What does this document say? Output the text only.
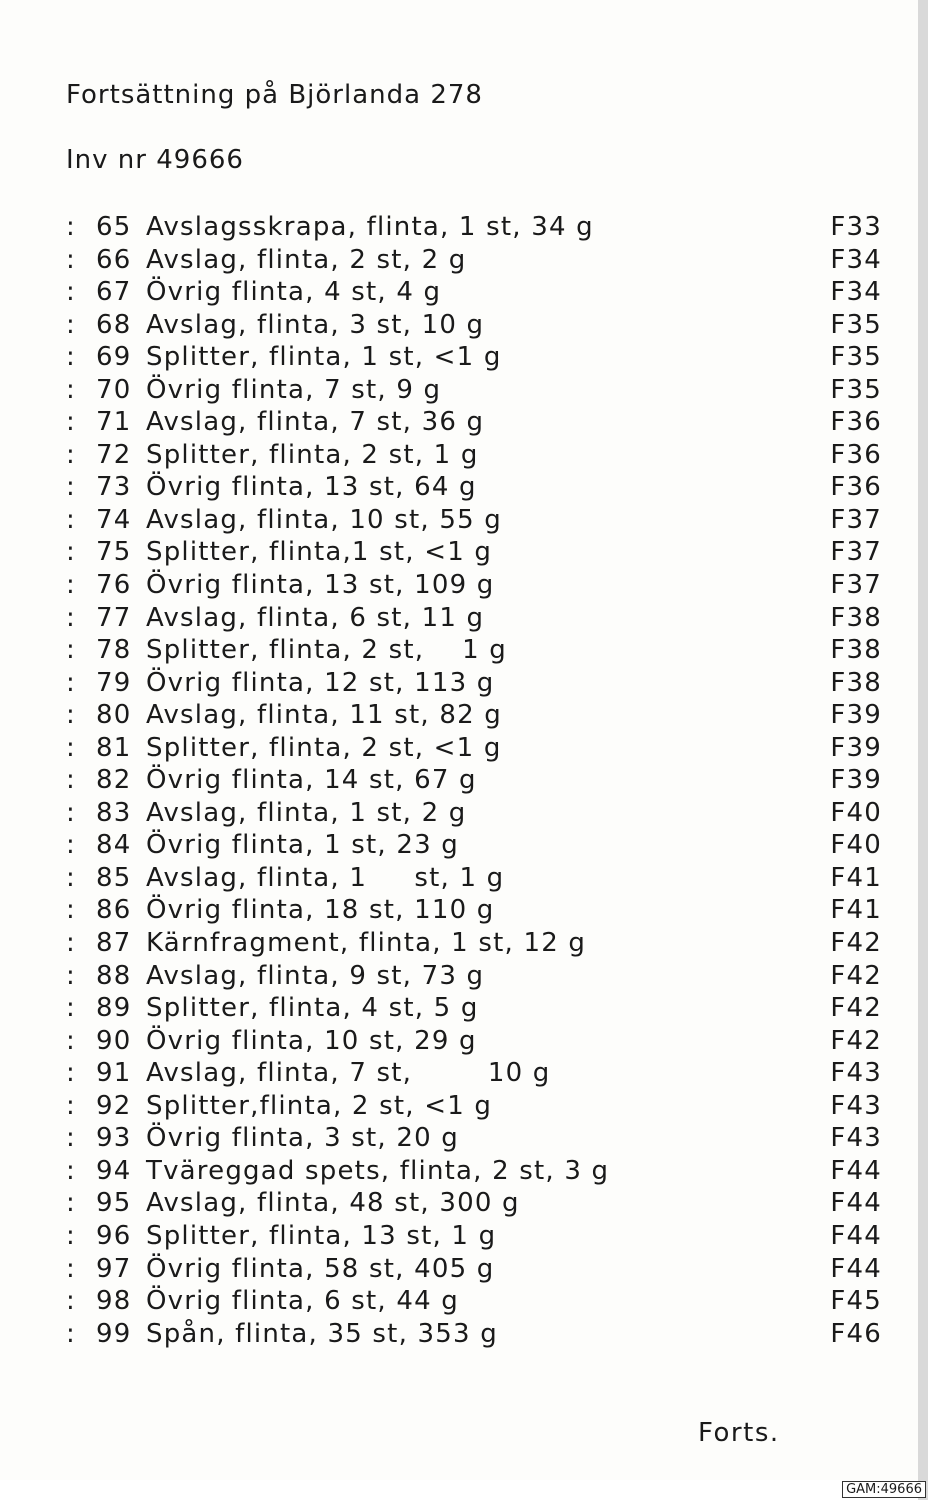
Fortsättning på Björlanda 278
Inv nr 49666
: 65 Avslagsskrapa, flinta, 1 st, 34 g	F33
: 66 Avslag, flinta, 2 st, 2 g	F34
: 67 Övrig flinta, 4 st, 4 g	F34
: 68 Avslag, flinta, 3 st, 10 g	F35
: 69 Splitter, flinta, 1 st, <1 g	F35
: 70 Övrig flinta, 7 st, 9 g	F35
: 71 Avslag, flinta, 7 st, 36 g	F36
: 72 Splitter, flinta, 2 st, 1 g	F36
: 73 Övrig flinta, 13 st, 64 g	F36
: 74 Avslag, flinta, 10 st, 55 g	F37
: 75 Splitter, flinta,1 st, <1 g	F37
: 76 Övrig flinta, 13 st, 109 g	F37
: 77 Avslag, flinta, 6 st, 11 g	F38
: 78 Splitter, flinta, 2 st,    1 g	F38
: 79 Övrig flinta, 12 st, 113 g	F38
: 80 Avslag, flinta, 11 st, 82 g	F39
: 81 Splitter, flinta, 2 st, <1 g	F39
: 82 Övrig flinta, 14 st, 67 g	F39
: 83 Avslag, flinta, 1 st, 2 g	F40
: 84 Övrig flinta, 1 st, 23 g	F40
: 85 Avslag, flinta, 1     st, 1 g	F41
: 86 Övrig flinta, 18 st, 110 g	F41
: 87 Kärnfragment, flinta, 1 st, 12 g	F42
: 88 Avslag, flinta, 9 st, 73 g	F42
: 89 Splitter, flinta, 4 st, 5 g	F42
: 90 Övrig flinta, 10 st, 29 g	F42
: 91 Avslag, flinta, 7 st,        10 g	F43
: 92 Splitter,flinta, 2 st, <1 g	F43
: 93 Övrig flinta, 3 st, 20 g	F43
: 94 Tväreggad spets, flinta, 2 st, 3 g	F44
: 95 Avslag, flinta, 48 st, 300 g	F44
: 96 Splitter, flinta, 13 st, 1 g	F44
: 97 Övrig flinta, 58 st, 405 g	F44
: 98 Övrig flinta, 6 st, 44 g	F45
: 99 Spån, flinta, 35 st, 353 g	F46
Forts.
GAM:49666
